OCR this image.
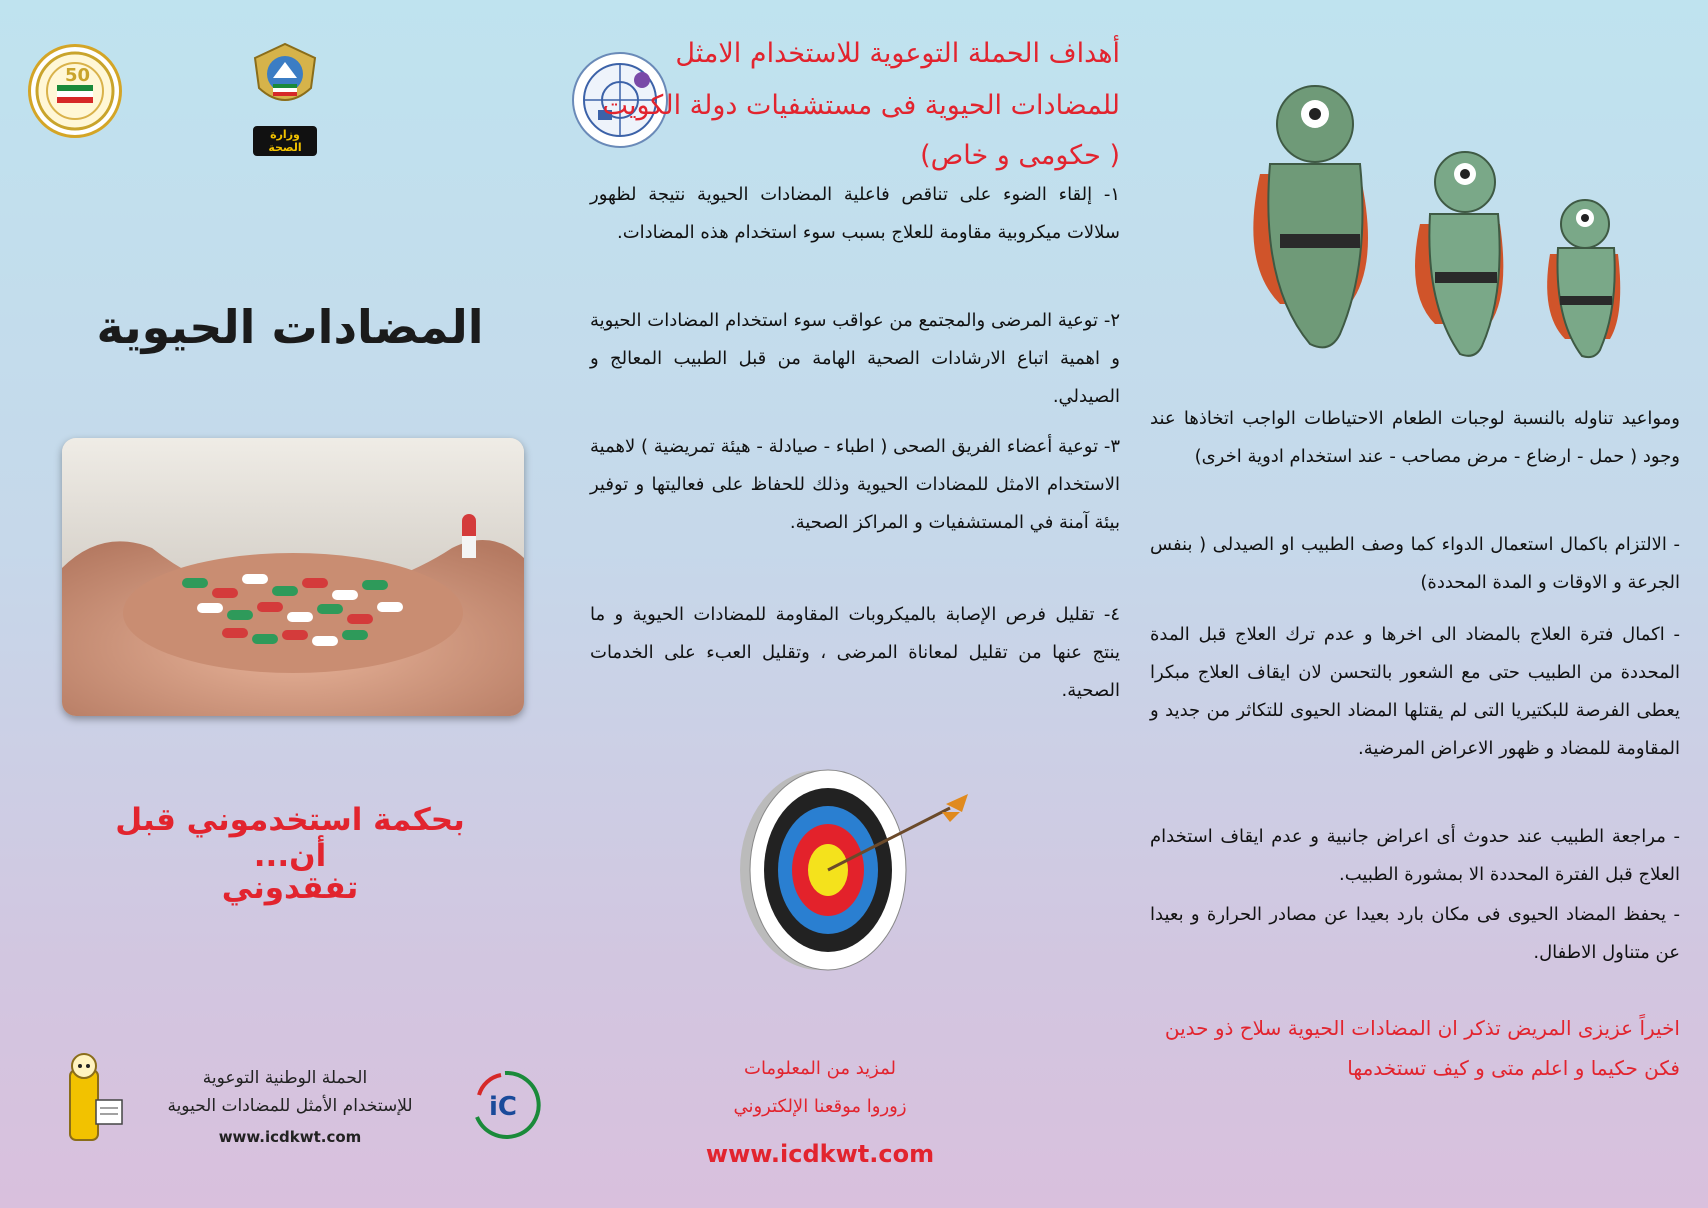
50
وزارة الصحة
المضادات الحيوية
بحكمة استخدموني قبل أن...
تفقدوني
الحملة الوطنية التوعوية
للإستخدام الأمثل للمضادات الحيوية
www.icdkwt.com
iC
أهداف الحملة التوعوية للاستخدام الامثل
للمضادات الحيوية فى مستشفيات دولة الكويت
( حكومى و خاص)
١- إلقاء الضوء على تناقص فاعلية المضادات الحيوية نتيجة لظهور سلالات ميكروبية مقاومة للعلاج بسبب سوء استخدام هذه المضادات.
٢- توعية المرضى والمجتمع من عواقب سوء استخدام المضادات الحيوية و اهمية اتباع الارشادات الصحية الهامة من قبل الطبيب المعالج و الصيدلي.
٣- توعية أعضاء الفريق الصحى ( اطباء - صيادلة - هيئة تمريضية ) لاهمية الاستخدام الامثل للمضادات الحيوية وذلك للحفاظ على فعاليتها و توفير بيئة آمنة في المستشفيات و المراكز الصحية.
٤- تقليل فرص الإصابة بالميكروبات المقاومة للمضادات الحيوية و ما ينتج عنها من تقليل لمعاناة المرضى ، وتقليل العبء على الخدمات الصحية.
لمزيد من المعلومات
زوروا موقعنا الإلكتروني
www.icdkwt.com
ومواعيد تناوله بالنسبة لوجبات الطعام الاحتياطات الواجب اتخاذها عند وجود ( حمل - ارضاع - مرض مصاحب - عند استخدام ادوية اخرى)
- الالتزام باكمال استعمال الدواء كما وصف الطبيب او الصيدلى ( بنفس الجرعة و الاوقات و المدة المحددة)
- اكمال فترة العلاج بالمضاد الى اخرها و عدم ترك العلاج قبل المدة المحددة من الطبيب حتى مع الشعور بالتحسن لان ايقاف العلاج مبكرا يعطى الفرصة للبكتيريا التى لم يقتلها المضاد الحيوى للتكاثر من جديد و المقاومة للمضاد و ظهور الاعراض المرضية.
- مراجعة الطبيب عند حدوث أى اعراض جانبية و عدم ايقاف استخدام العلاج قبل الفترة المحددة الا بمشورة الطبيب.
- يحفظ المضاد الحيوى فى مكان بارد بعيدا عن مصادر الحرارة و بعيدا عن متناول الاطفال.
اخيراً عزيزى المريض تذكر ان المضادات الحيوية سلاح ذو حدين فكن حكيما و اعلم متى و كيف تستخدمها
